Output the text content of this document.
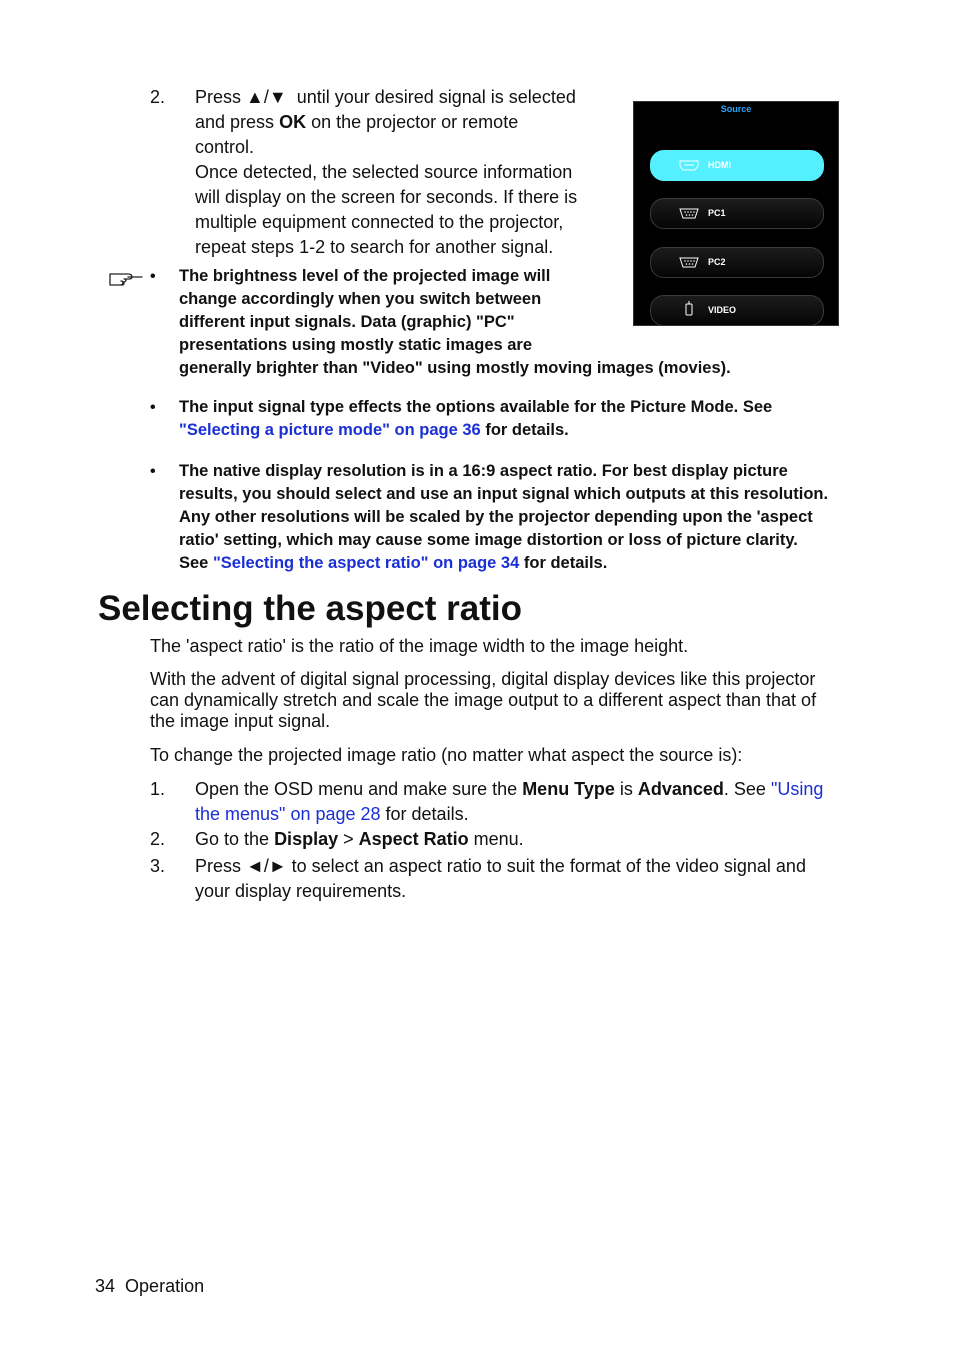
2. Press ▲/▼ until your desired signal is selected
and press OK on the projector or remote
control.
Once detected, the selected source information
will display on the screen for seconds. If there is
multiple equipment connected to the projector,
repeat steps 1-2 to search for another signal.
Source
HDMI
PC1
PC2
VIDEO
• The brightness level of the projected image will
change accordingly when you switch between
different input signals. Data (graphic) "PC"
presentations using mostly static images are
generally brighter than "Video" using mostly moving images (movies).
• The input signal type effects the options available for the Picture Mode. See
"Selecting a picture mode" on page 36 for details.
• The native display resolution is in a 16:9 aspect ratio. For best display picture
results, you should select and use an input signal which outputs at this resolution.
Any other resolutions will be scaled by the projector depending upon the 'aspect
ratio' setting, which may cause some image distortion or loss of picture clarity.
See "Selecting the aspect ratio" on page 34 for details.
Selecting the aspect ratio
The 'aspect ratio' is the ratio of the image width to the image height.
With the advent of digital signal processing, digital display devices like this projector
can dynamically stretch and scale the image output to a different aspect than that of
the image input signal.
To change the projected image ratio (no matter what aspect the source is):
1. Open the OSD menu and make sure the Menu Type is Advanced. See "Using
the menus" on page 28 for details.
2. Go to the Display > Aspect Ratio menu.
3. Press ◄/► to select an aspect ratio to suit the format of the video signal and
your display requirements.
34 Operation
